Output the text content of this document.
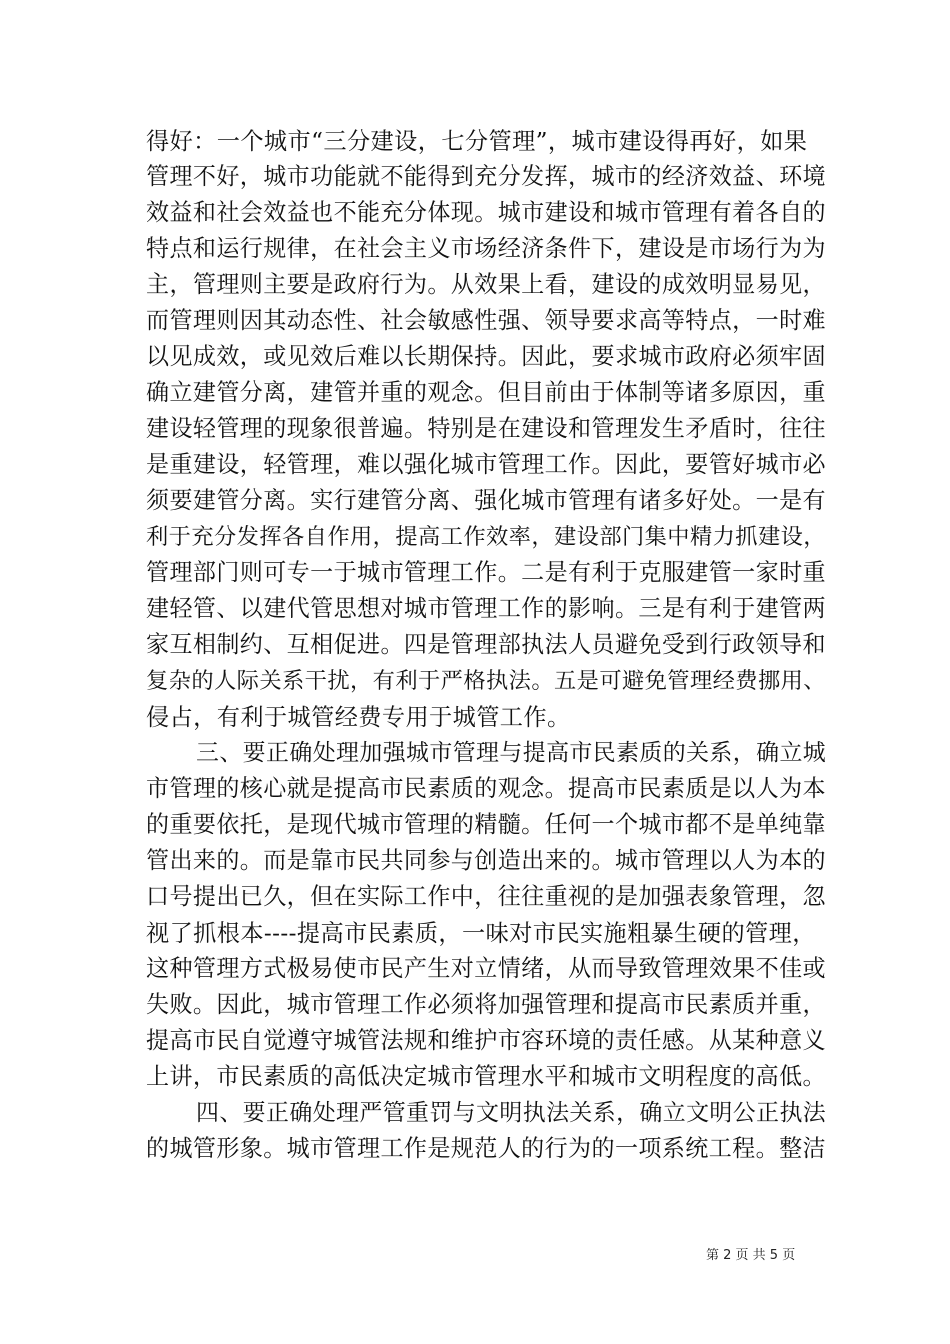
得好：一个城市“三分建设，七分管理”，城市建设得再好，如果
管理不好，城市功能就不能得到充分发挥，城市的经济效益、环境
效益和社会效益也不能充分体现。城市建设和城市管理有着各自的
特点和运行规律，在社会主义市场经济条件下，建设是市场行为为
主，管理则主要是政府行为。从效果上看，建设的成效明显易见，
而管理则因其动态性、社会敏感性强、领导要求高等特点，一时难
以见成效，或见效后难以长期保持。因此，要求城市政府必须牢固
确立建管分离，建管并重的观念。但目前由于体制等诸多原因，重
建设轻管理的现象很普遍。特别是在建设和管理发生矛盾时，往往
是重建设，轻管理，难以强化城市管理工作。因此，要管好城市必
须要建管分离。实行建管分离、强化城市管理有诸多好处。一是有
利于充分发挥各自作用，提高工作效率，建设部门集中精力抓建设，
管理部门则可专一于城市管理工作。二是有利于克服建管一家时重
建轻管、以建代管思想对城市管理工作的影响。三是有利于建管两
家互相制约、互相促进。四是管理部执法人员避免受到行政领导和
复杂的人际关系干扰，有利于严格执法。五是可避免管理经费挪用、
侵占，有利于城管经费专用于城管工作。
三、要正确处理加强城市管理与提高市民素质的关系，确立城
市管理的核心就是提高市民素质的观念。提高市民素质是以人为本
的重要依托，是现代城市管理的精髓。任何一个城市都不是单纯靠
管出来的。而是靠市民共同参与创造出来的。城市管理以人为本的
口号提出已久，但在实际工作中，往往重视的是加强表象管理，忽
视了抓根本----提高市民素质，一味对市民实施粗暴生硬的管理，
这种管理方式极易使市民产生对立情绪，从而导致管理效果不佳或
失败。因此，城市管理工作必须将加强管理和提高市民素质并重，
提高市民自觉遵守城管法规和维护市容环境的责任感。从某种意义
上讲，市民素质的高低决定城市管理水平和城市文明程度的高低。
四、要正确处理严管重罚与文明执法关系，确立文明公正执法
的城管形象。城市管理工作是规范人的行为的一项系统工程。整洁
第 2 页 共 5 页
